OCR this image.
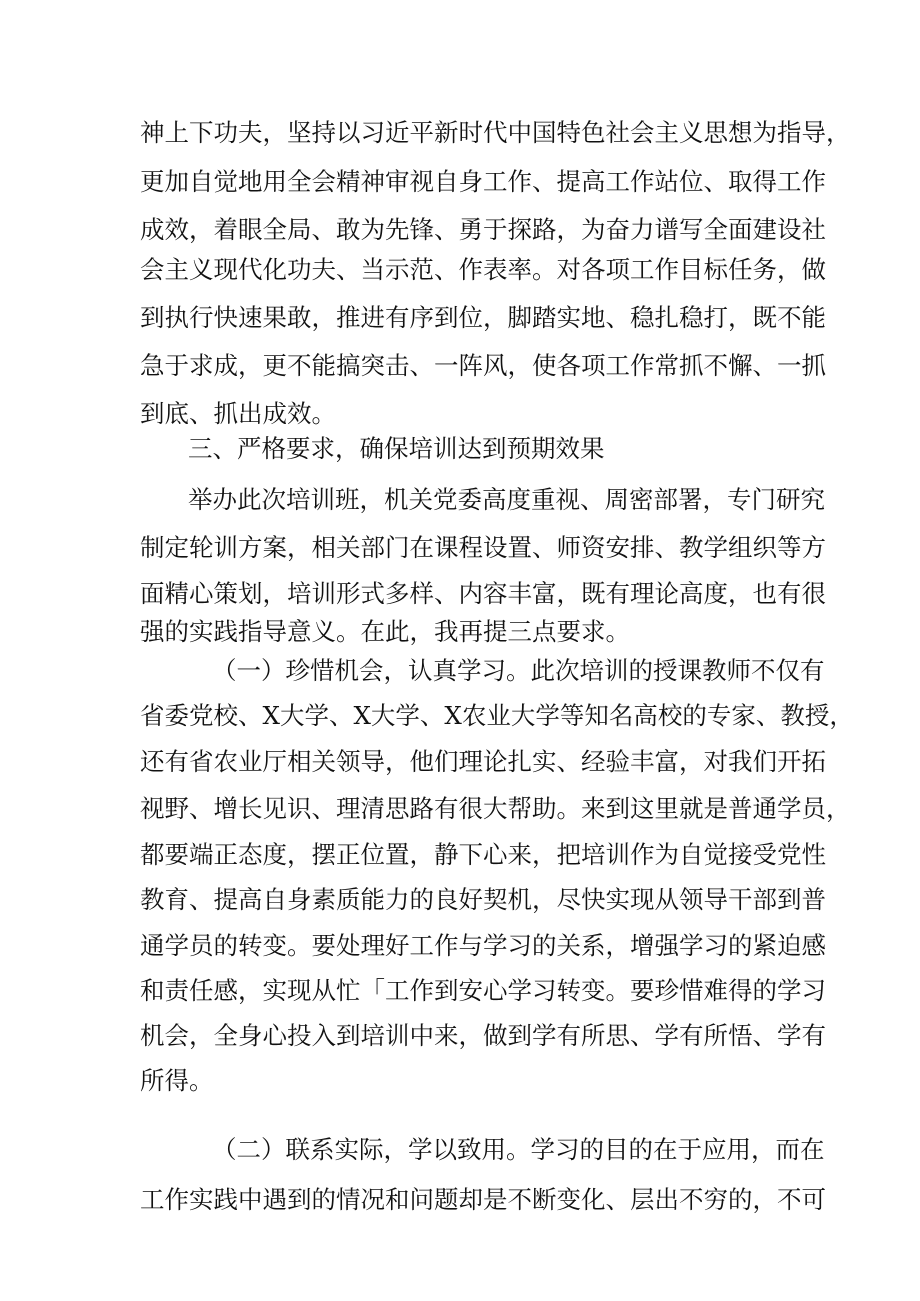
神上下功夫，坚持以习近平新时代中国特色社会主义思想为指导，
更加自觉地用全会精神审视自身工作、提高工作站位、取得工作
成效，着眼全局、敢为先锋、勇于探路，为奋力谱写全面建设社
会主义现代化功夫、当示范、作表率。对各项工作目标任务，做
到执行快速果敢，推进有序到位，脚踏实地、稳扎稳打，既不能
急于求成，更不能搞突击、一阵风，使各项工作常抓不懈、一抓
到底、抓出成效。
三、严格要求，确保培训达到预期效果
举办此次培训班，机关党委高度重视、周密部署，专门研究
制定轮训方案，相关部门在课程设置、师资安排、教学组织等方
面精心策划，培训形式多样、内容丰富，既有理论高度，也有很
强的实践指导意义。在此，我再提三点要求。
（一）珍惜机会，认真学习。此次培训的授课教师不仅有
省委党校、X大学、X大学、X农业大学等知名高校的专家、教授，
还有省农业厅相关领导，他们理论扎实、经验丰富，对我们开拓
视野、增长见识、理清思路有很大帮助。来到这里就是普通学员，
都要端正态度，摆正位置，静下心来，把培训作为自觉接受党性
教育、提高自身素质能力的良好契机，尽快实现从领导干部到普
通学员的转变。要处理好工作与学习的关系，增强学习的紧迫感
和责任感，实现从忙「工作到安心学习转变。要珍惜难得的学习
机会，全身心投入到培训中来，做到学有所思、学有所悟、学有
所得。
（二）联系实际，学以致用。学习的目的在于应用，而在
工作实践中遇到的情况和问题却是不断变化、层出不穷的，不可
